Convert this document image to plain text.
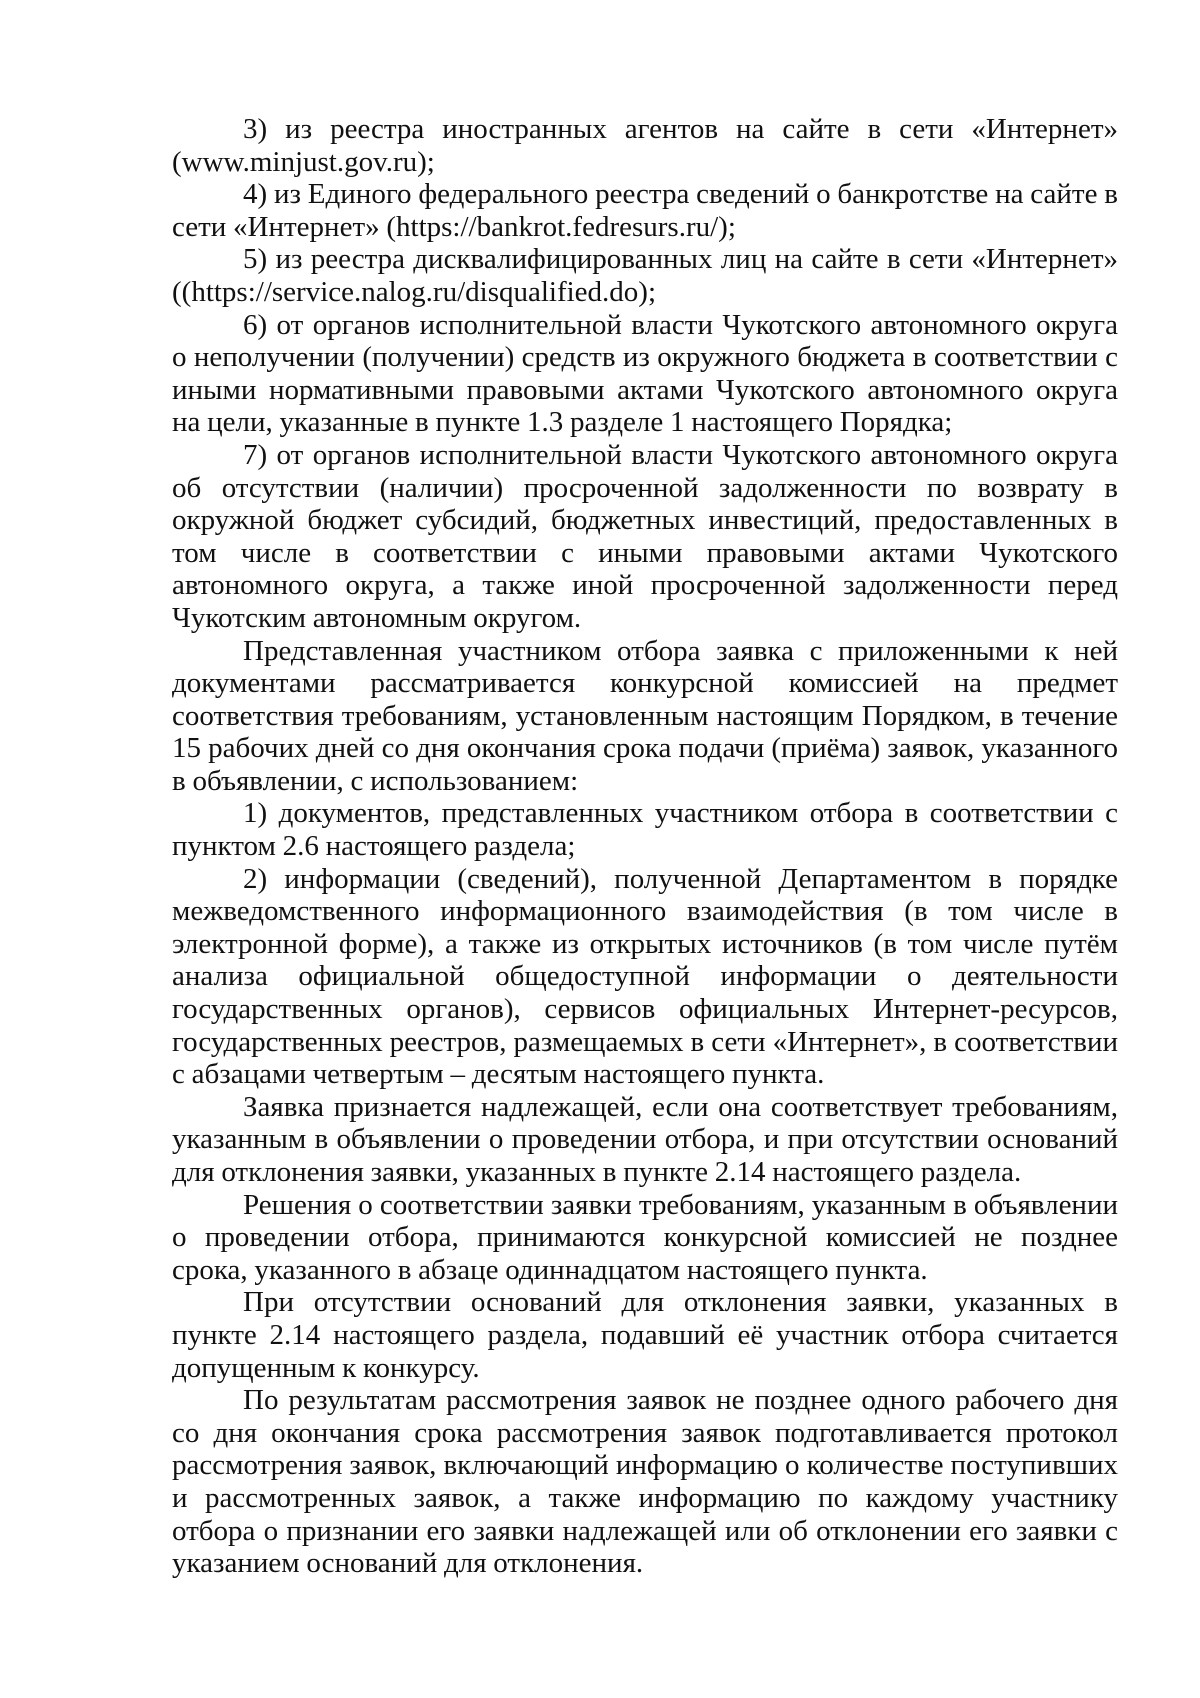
3) из реестра иностранных агентов на сайте в сети «Интернет» (www.minjust.gov.ru);

4) из Единого федерального реестра сведений о банкротстве на сайте в сети «Интернет» (https://bankrot.fedresurs.ru/);

5) из реестра дисквалифицированных лиц на сайте в сети «Интернет» ((https://service.nalog.ru/disqualified.do);

6) от органов исполнительной власти Чукотского автономного округа о неполучении (получении) средств из окружного бюджета в соответствии с иными нормативными правовыми актами Чукотского автономного округа на цели, указанные в пункте 1.3 разделе 1 настоящего Порядка;

7) от органов исполнительной власти Чукотского автономного округа об отсутствии (наличии) просроченной задолженности по возврату в окружной бюджет субсидий, бюджетных инвестиций, предоставленных в том числе в соответствии с иными правовыми актами Чукотского автономного округа, а также иной просроченной задолженности перед Чукотским автономным округом.

Представленная участником отбора заявка с приложенными к ней документами рассматривается конкурсной комиссией на предмет соответствия требованиям, установленным настоящим Порядком, в течение 15 рабочих дней со дня окончания срока подачи (приёма) заявок, указанного в объявлении, с использованием:

1) документов, представленных участником отбора в соответствии с пунктом 2.6 настоящего раздела;

2) информации (сведений), полученной Департаментом в порядке межведомственного информационного взаимодействия (в том числе в электронной форме), а также из открытых источников (в том числе путём анализа официальной общедоступной информации о деятельности государственных органов), сервисов официальных Интернет-ресурсов, государственных реестров, размещаемых в сети «Интернет», в соответствии с абзацами четвертым – десятым настоящего пункта.

Заявка признается надлежащей, если она соответствует требованиям, указанным в объявлении о проведении отбора, и при отсутствии оснований для отклонения заявки, указанных в пункте 2.14 настоящего раздела.

Решения о соответствии заявки требованиям, указанным в объявлении о проведении отбора, принимаются конкурсной комиссией не позднее срока, указанного в абзаце одиннадцатом настоящего пункта.

При отсутствии оснований для отклонения заявки, указанных в пункте 2.14 настоящего раздела, подавший её участник отбора считается допущенным к конкурсу.

По результатам рассмотрения заявок не позднее одного рабочего дня со дня окончания срока рассмотрения заявок подготавливается протокол рассмотрения заявок, включающий информацию о количестве поступивших и рассмотренных заявок, а также информацию по каждому участнику отбора о признании его заявки надлежащей или об отклонении его заявки с указанием оснований для отклонения.
